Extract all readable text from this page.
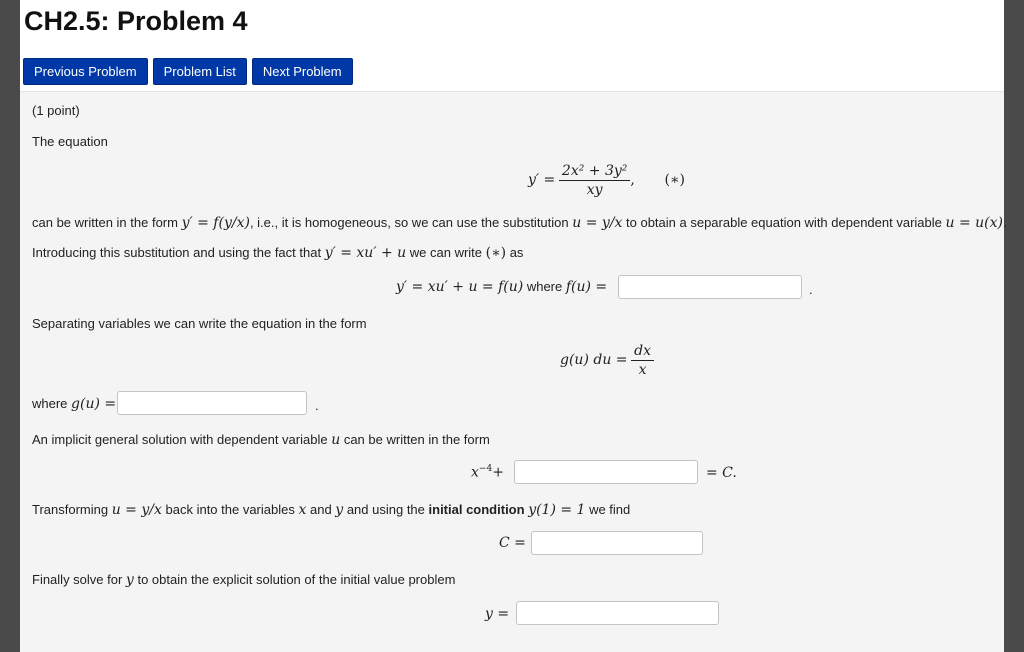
CH2.5: Problem 4
Previous Problem	Problem List	Next Problem
(1 point)
The equation
$y' = \frac{\text{2x² + 3y²}}{xy}$ , (∗)
can be written in the form y′ = f(y/x), i.e., it is homogeneous, so we can use the substitution u = y/x to obtain a separable equation with dependent variable u = u(x).
Introducing this substitution and using the fact that y′ = xu′ + u we can write (∗) as
y′ = xu′ + u = f(u) where f(u) =	.
Separating variables we can write the equation in the form
g(u) du = $\frac{dx}{x}$
where g(u) =	.
An implicit general solution with dependent variable u can be written in the form
$x^{-4}+$	= C.
Transforming u = y/x back into the variables x and y and using the initial condition y(1) = 1 we find
C =
Finally solve for y to obtain the explicit solution of the initial value problem
y =
